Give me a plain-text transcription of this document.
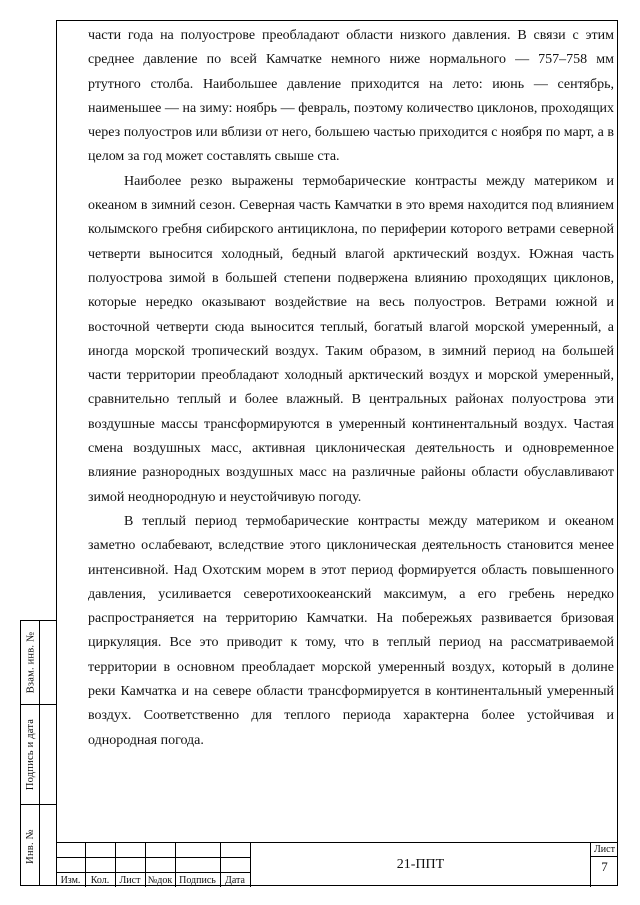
части года на полуострове преобладают области низкого давления. В связи с этим среднее давление по всей Камчатке немного ниже нормального — 757–758 мм ртутного столба. Наибольшее давление приходится на лето: июнь — сентябрь, наименьшее — на зиму: ноябрь — февраль, поэтому количество циклонов, проходящих через полуостров или вблизи от него, большею частью приходится с ноября по март, а в целом за год может составлять свыше ста.

Наиболее резко выражены термобарические контрасты между материком и океаном в зимний сезон. Северная часть Камчатки в это время находится под влиянием колымского гребня сибирского антициклона, по периферии которого ветрами северной четверти выносится холодный, бедный влагой арктический воздух. Южная часть полуострова зимой в большей степени подвержена влиянию проходящих циклонов, которые нередко оказывают воздействие на весь полуостров. Ветрами южной и восточной четверти сюда выносится теплый, богатый влагой морской умеренный, а иногда морской тропический воздух. Таким образом, в зимний период на большей части территории преобладают холодный арктический воздух и морской умеренный, сравнительно теплый и более влажный. В центральных районах полуострова эти воздушные массы трансформируются в умеренный континентальный воздух. Частая смена воздушных масс, активная циклоническая деятельность и одновременное влияние разнородных воздушных масс на различные районы области обуславливают зимой неоднородную и неустойчивую погоду.

В теплый период термобарические контрасты между материком и океаном заметно ослабевают, вследствие этого циклоническая деятельность становится менее интенсивной. Над Охотским морем в этот период формируется область повышенного давления, усиливается северотихоокеанский максимум, а его гребень нередко распространяется на территорию Камчатки. На побережьях развивается бризовая циркуляция. Все это приводит к тому, что в теплый период на рассматриваемой территории в основном преобладает морской умеренный воздух, который в долине реки Камчатка и на севере области трансформируется в континентальный умеренный воздух. Соответственно для теплого периода характерна более устойчивая и однородная погода.

Взам. инв. №
Подпись и дата
Инв. №
Изм.	Кол.	Лист №док Подпись Дата
21-ППТ
Лист
7
